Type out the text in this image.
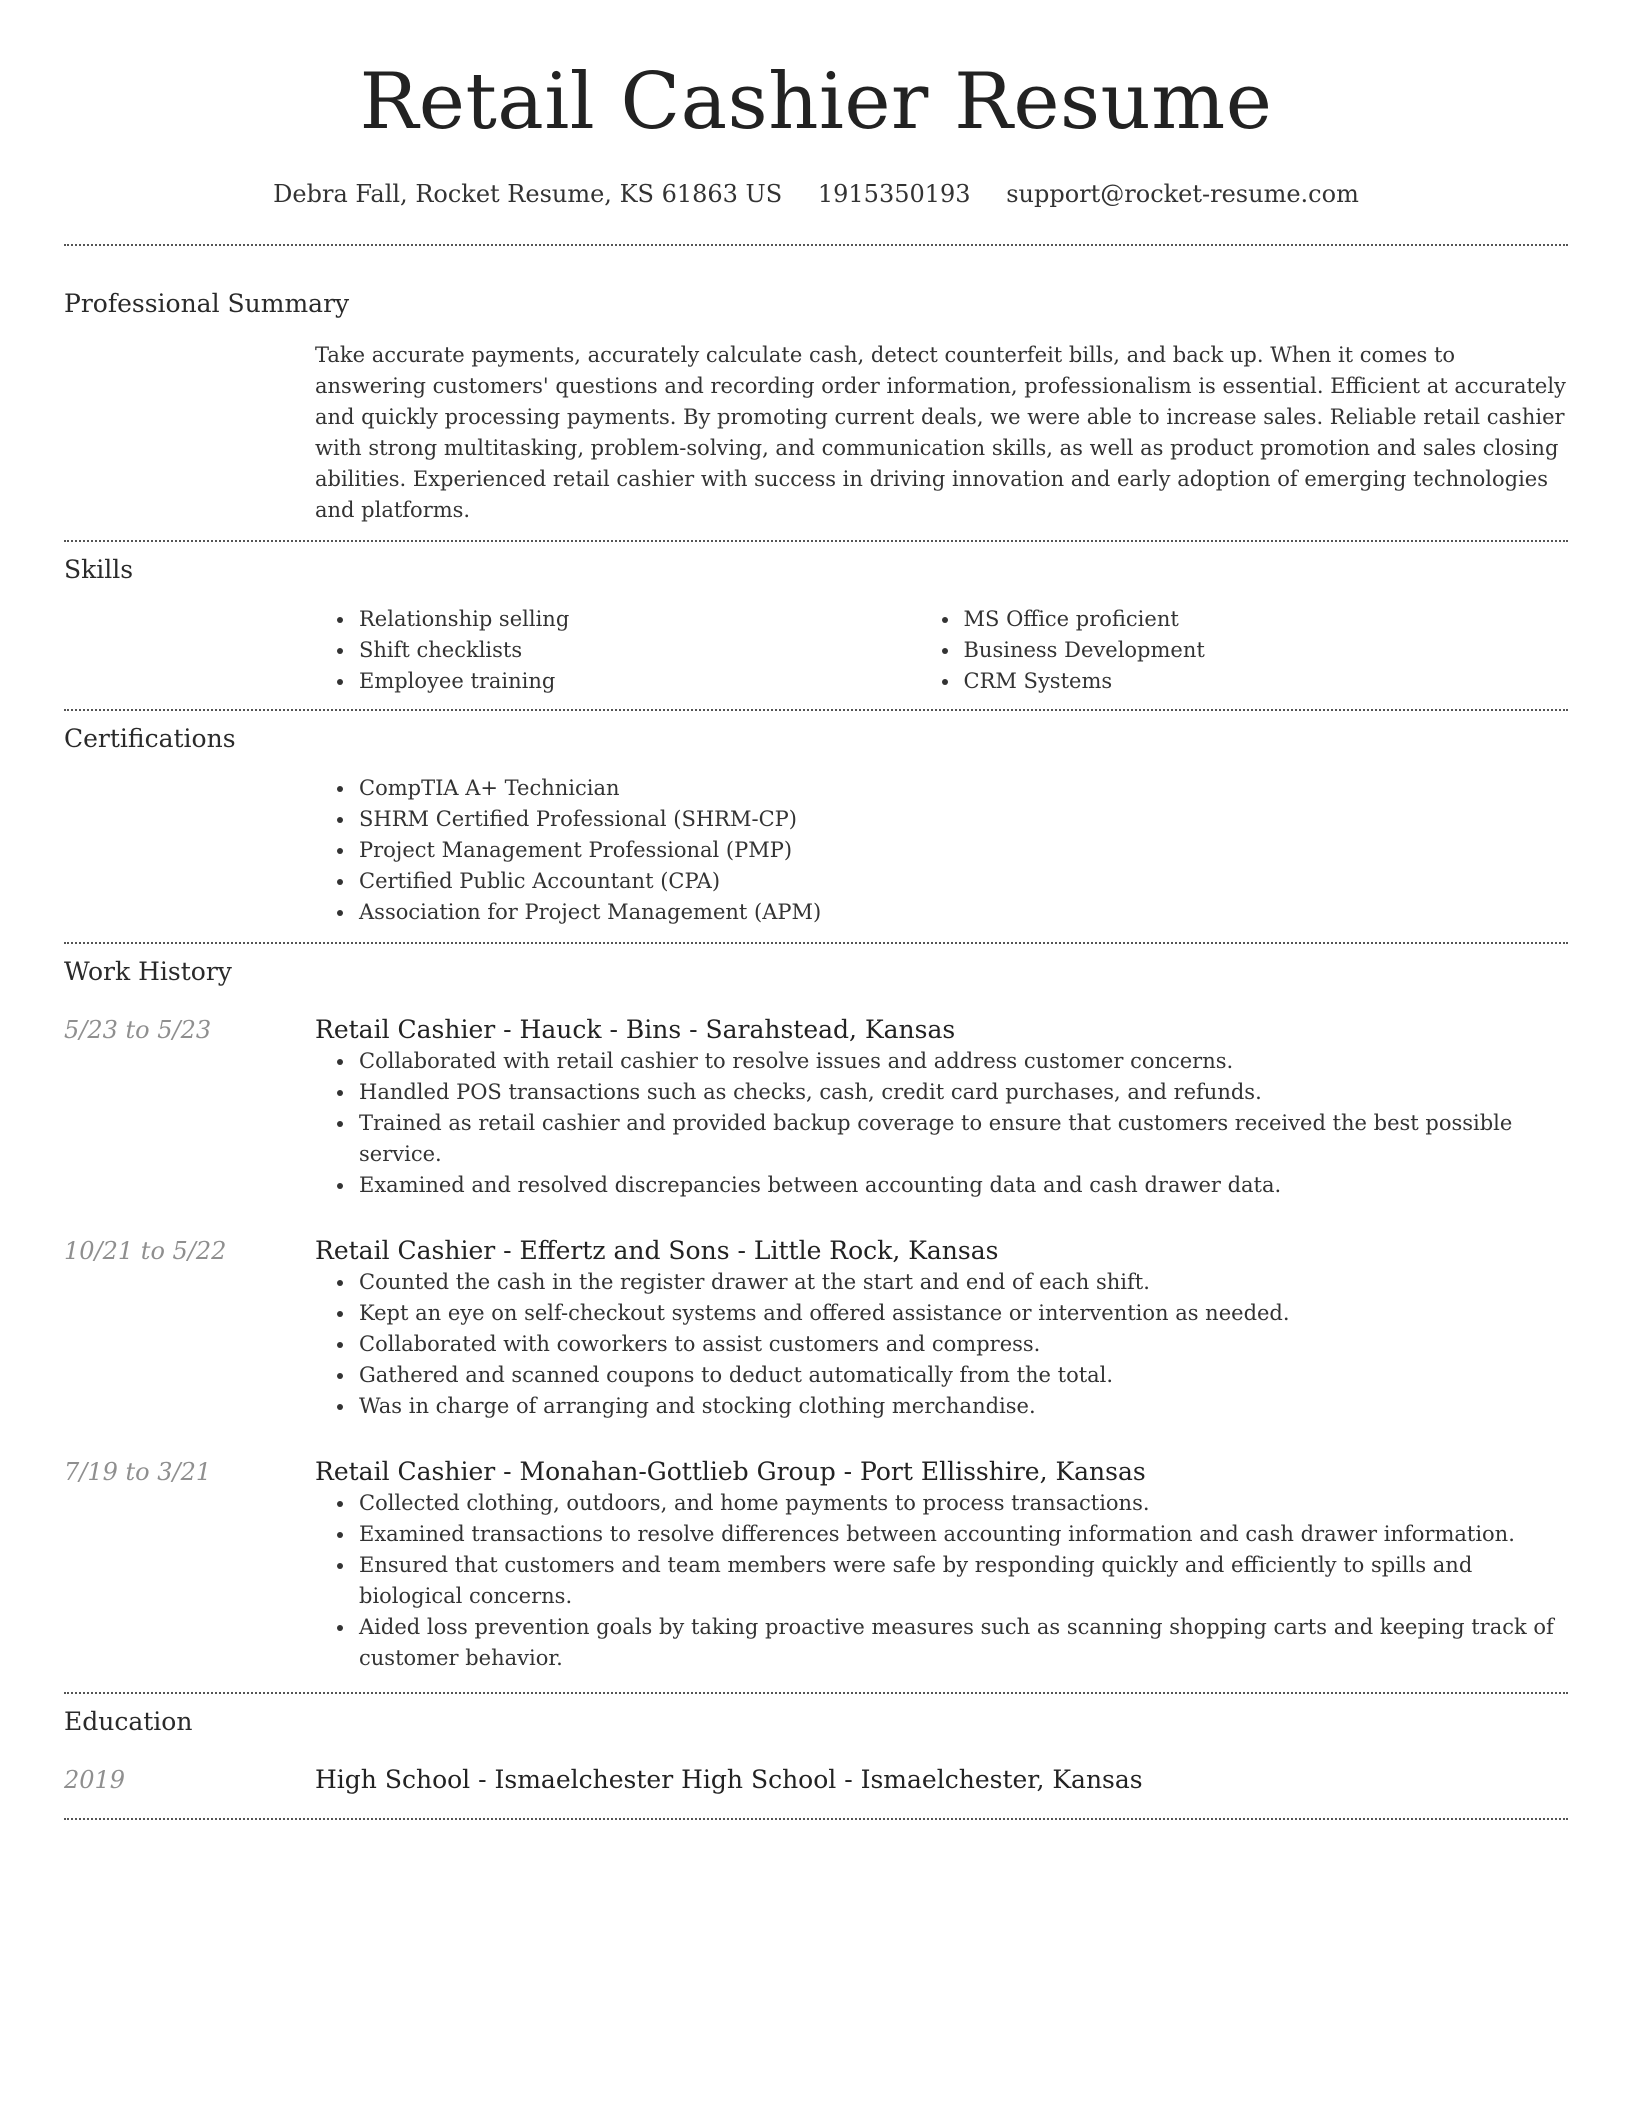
Retail Cashier Resume
Debra Fall, Rocket Resume, KS 61863 US 1915350193 support@rocket-resume.com
Professional Summary

Take accurate payments, accurately calculate cash, detect counterfeit bills, and back up. When it comes to answering customers' questions and recording order information, professionalism is essential. Efficient at accurately and quickly processing payments. By promoting current deals, we were able to increase sales. Reliable retail cashier with strong multitasking, problem-solving, and communication skills, as well as product promotion and sales closing abilities. Experienced retail cashier with success in driving innovation and early adoption of emerging technologies and platforms.

Skills
Relationship selling
Shift checklists
Employee training
MS Office proficient
Business Development
CRM Systems
Certifications
CompTIA A+ Technician
SHRM Certified Professional (SHRM-CP)
Project Management Professional (PMP)
Certified Public Accountant (CPA)
Association for Project Management (APM)
Work History
5/23 to 5/23	Retail Cashier - Hauck - Bins - Sarahstead, Kansas
Collaborated with retail cashier to resolve issues and address customer concerns.
Handled POS transactions such as checks, cash, credit card purchases, and refunds.
Trained as retail cashier and provided backup coverage to ensure that customers received the best possible service.
Examined and resolved discrepancies between accounting data and cash drawer data.
10/21 to 5/22	Retail Cashier - Effertz and Sons - Little Rock, Kansas
Counted the cash in the register drawer at the start and end of each shift.
Kept an eye on self-checkout systems and offered assistance or intervention as needed.
Collaborated with coworkers to assist customers and compress.
Gathered and scanned coupons to deduct automatically from the total.
Was in charge of arranging and stocking clothing merchandise.
7/19 to 3/21	Retail Cashier - Monahan-Gottlieb Group - Port Ellisshire, Kansas
Collected clothing, outdoors, and home payments to process transactions.
Examined transactions to resolve differences between accounting information and cash drawer information.
Ensured that customers and team members were safe by responding quickly and efficiently to spills and biological concerns.
Aided loss prevention goals by taking proactive measures such as scanning shopping carts and keeping track of customer behavior.
Education
2019	High School - Ismaelchester High School - Ismaelchester, Kansas
